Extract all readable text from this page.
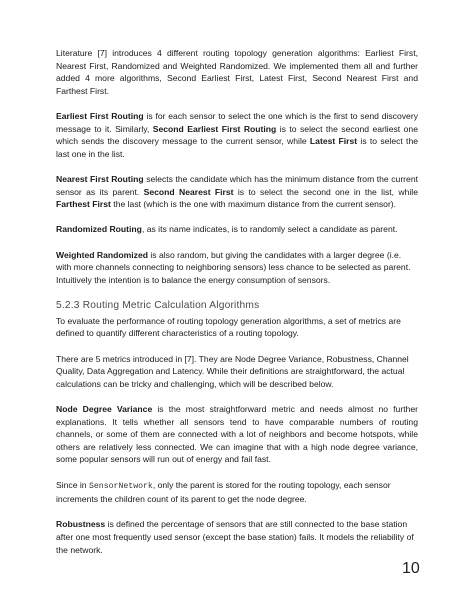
Literature [7] introduces 4 different routing topology generation algorithms: Earliest First, Nearest First, Randomized and Weighted Randomized. We implemented them all and further added 4 more algorithms, Second Earliest First, Latest First, Second Nearest First and Farthest First.

Earliest First Routing is for each sensor to select the one which is the first to send discovery message to it. Similarly, Second Earliest First Routing is to select the second earliest one which sends the discovery message to the current sensor, while Latest First is to select the last one in the list.

Nearest First Routing selects the candidate which has the minimum distance from the current sensor as its parent. Second Nearest First is to select the second one in the list, while Farthest First the last (which is the one with maximum distance from the current sensor).

Randomized Routing, as its name indicates, is to randomly select a candidate as parent.

Weighted Randomized is also random, but giving the candidates with a larger degree (i.e. with more channels connecting to neighboring sensors) less chance to be selected as parent. Intuitively the intention is to balance the energy consumption of sensors.

5.2.3 Routing Metric Calculation Algorithms

To evaluate the performance of routing topology generation algorithms, a set of metrics are defined to quantify different characteristics of a routing topology.

There are 5 metrics introduced in [7]. They are Node Degree Variance, Robustness, Channel Quality, Data Aggregation and Latency. While their definitions are straightforward, the actual calculations can be tricky and challenging, which will be described below.

Node Degree Variance is the most straightforward metric and needs almost no further explanations. It tells whether all sensors tend to have comparable numbers of routing channels, or some of them are connected with a lot of neighbors and become hotspots, while others are relatively less connected. We can imagine that with a high node degree variance, some popular sensors will run out of energy and fail fast.

Since in SensorNetwork, only the parent is stored for the routing topology, each sensor increments the children count of its parent to get the node degree.

Robustness is defined the percentage of sensors that are still connected to the base station after one most frequently used sensor (except the base station) fails. It models the reliability of the network.

10
